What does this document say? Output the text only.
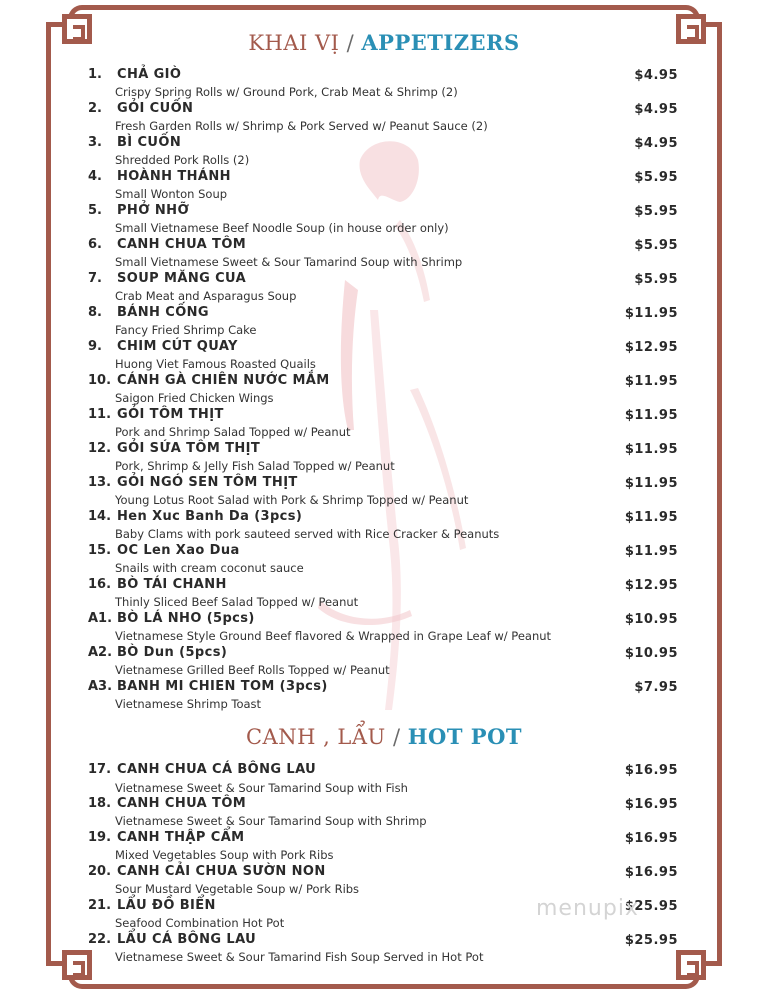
KHAI VỊ / APPETIZERS
1.	CHẢ GIÒ
Crispy Spring Rolls w/ Ground Pork, Crab Meat & Shrimp (2)
$4.95
2.	GỎI CUỐN
Fresh Garden Rolls w/ Shrimp & Pork Served w/ Peanut Sauce (2)
$4.95
3.	BÌ CUỐN
Shredded Pork Rolls (2)
$4.95
4.	HOÀNH THÁNH
Small Wonton Soup
$5.95
5.	PHỞ NHỠ
Small Vietnamese Beef Noodle Soup (in house order only)
$5.95
6.	CANH CHUA TÔM
Small Vietnamese Sweet & Sour Tamarind Soup with Shrimp
$5.95
7.	SOUP MĂNG CUA
Crab Meat and Asparagus Soup
$5.95
8.	BÁNH CỐNG
Fancy Fried Shrimp Cake
$11.95
9.	CHIM CÚT QUAY
Huong Viet Famous Roasted Quails
$12.95
10. CÁNH GÀ CHIÊN NƯỚC MẮM
Saigon Fried Chicken Wings
$11.95
11. GỎI TÔM THỊT
Pork and Shrimp Salad Topped w/ Peanut
$11.95
12. GỎI SỨA TÔM THỊT
Pork, Shrimp & Jelly Fish Salad Topped w/ Peanut
$11.95
13. GỎI NGÓ SEN TÔM THỊT
Young Lotus Root Salad with Pork & Shrimp Topped w/ Peanut
$11.95
14. Hen Xuc Banh Da (3pcs)
Baby Clams with pork sauteed served with Rice Cracker & Peanuts
$11.95
15. OC Len Xao Dua
Snails with cream coconut sauce
$11.95
16. BÒ TÁI CHANH
Thinly Sliced Beef Salad Topped w/ Peanut
$12.95
A1. BÒ LÁ NHO (5pcs)
Vietnamese Style Ground Beef flavored & Wrapped in Grape Leaf w/ Peanut
$10.95
A2. BÒ Dun (5pcs)
Vietnamese Grilled Beef Rolls Topped w/ Peanut
$10.95
A3. BANH MI CHIEN TOM (3pcs)
Vietnamese Shrimp Toast
$7.95
CANH , LẨU / HOT POT
17. CANH CHUA CÁ BÔNG LAU
Vietnamese Sweet & Sour Tamarind Soup with Fish
$16.95
18. CANH CHUA TÔM
Vietnamese Sweet & Sour Tamarind Soup with Shrimp
$16.95
19. CANH THẬP CẨM
Mixed Vegetables Soup with Pork Ribs
$16.95
20. CANH CẢI CHUA SƯỜN NON
Sour Mustard Vegetable Soup w/ Pork Ribs
$16.95
21. LẨU ĐỒ BIỂN
Seafood Combination Hot Pot
$25.95
22. LẨU CÁ BÔNG LAU
Vietnamese Sweet & Sour Tamarind Fish Soup Served in Hot Pot
$25.95
menupix
